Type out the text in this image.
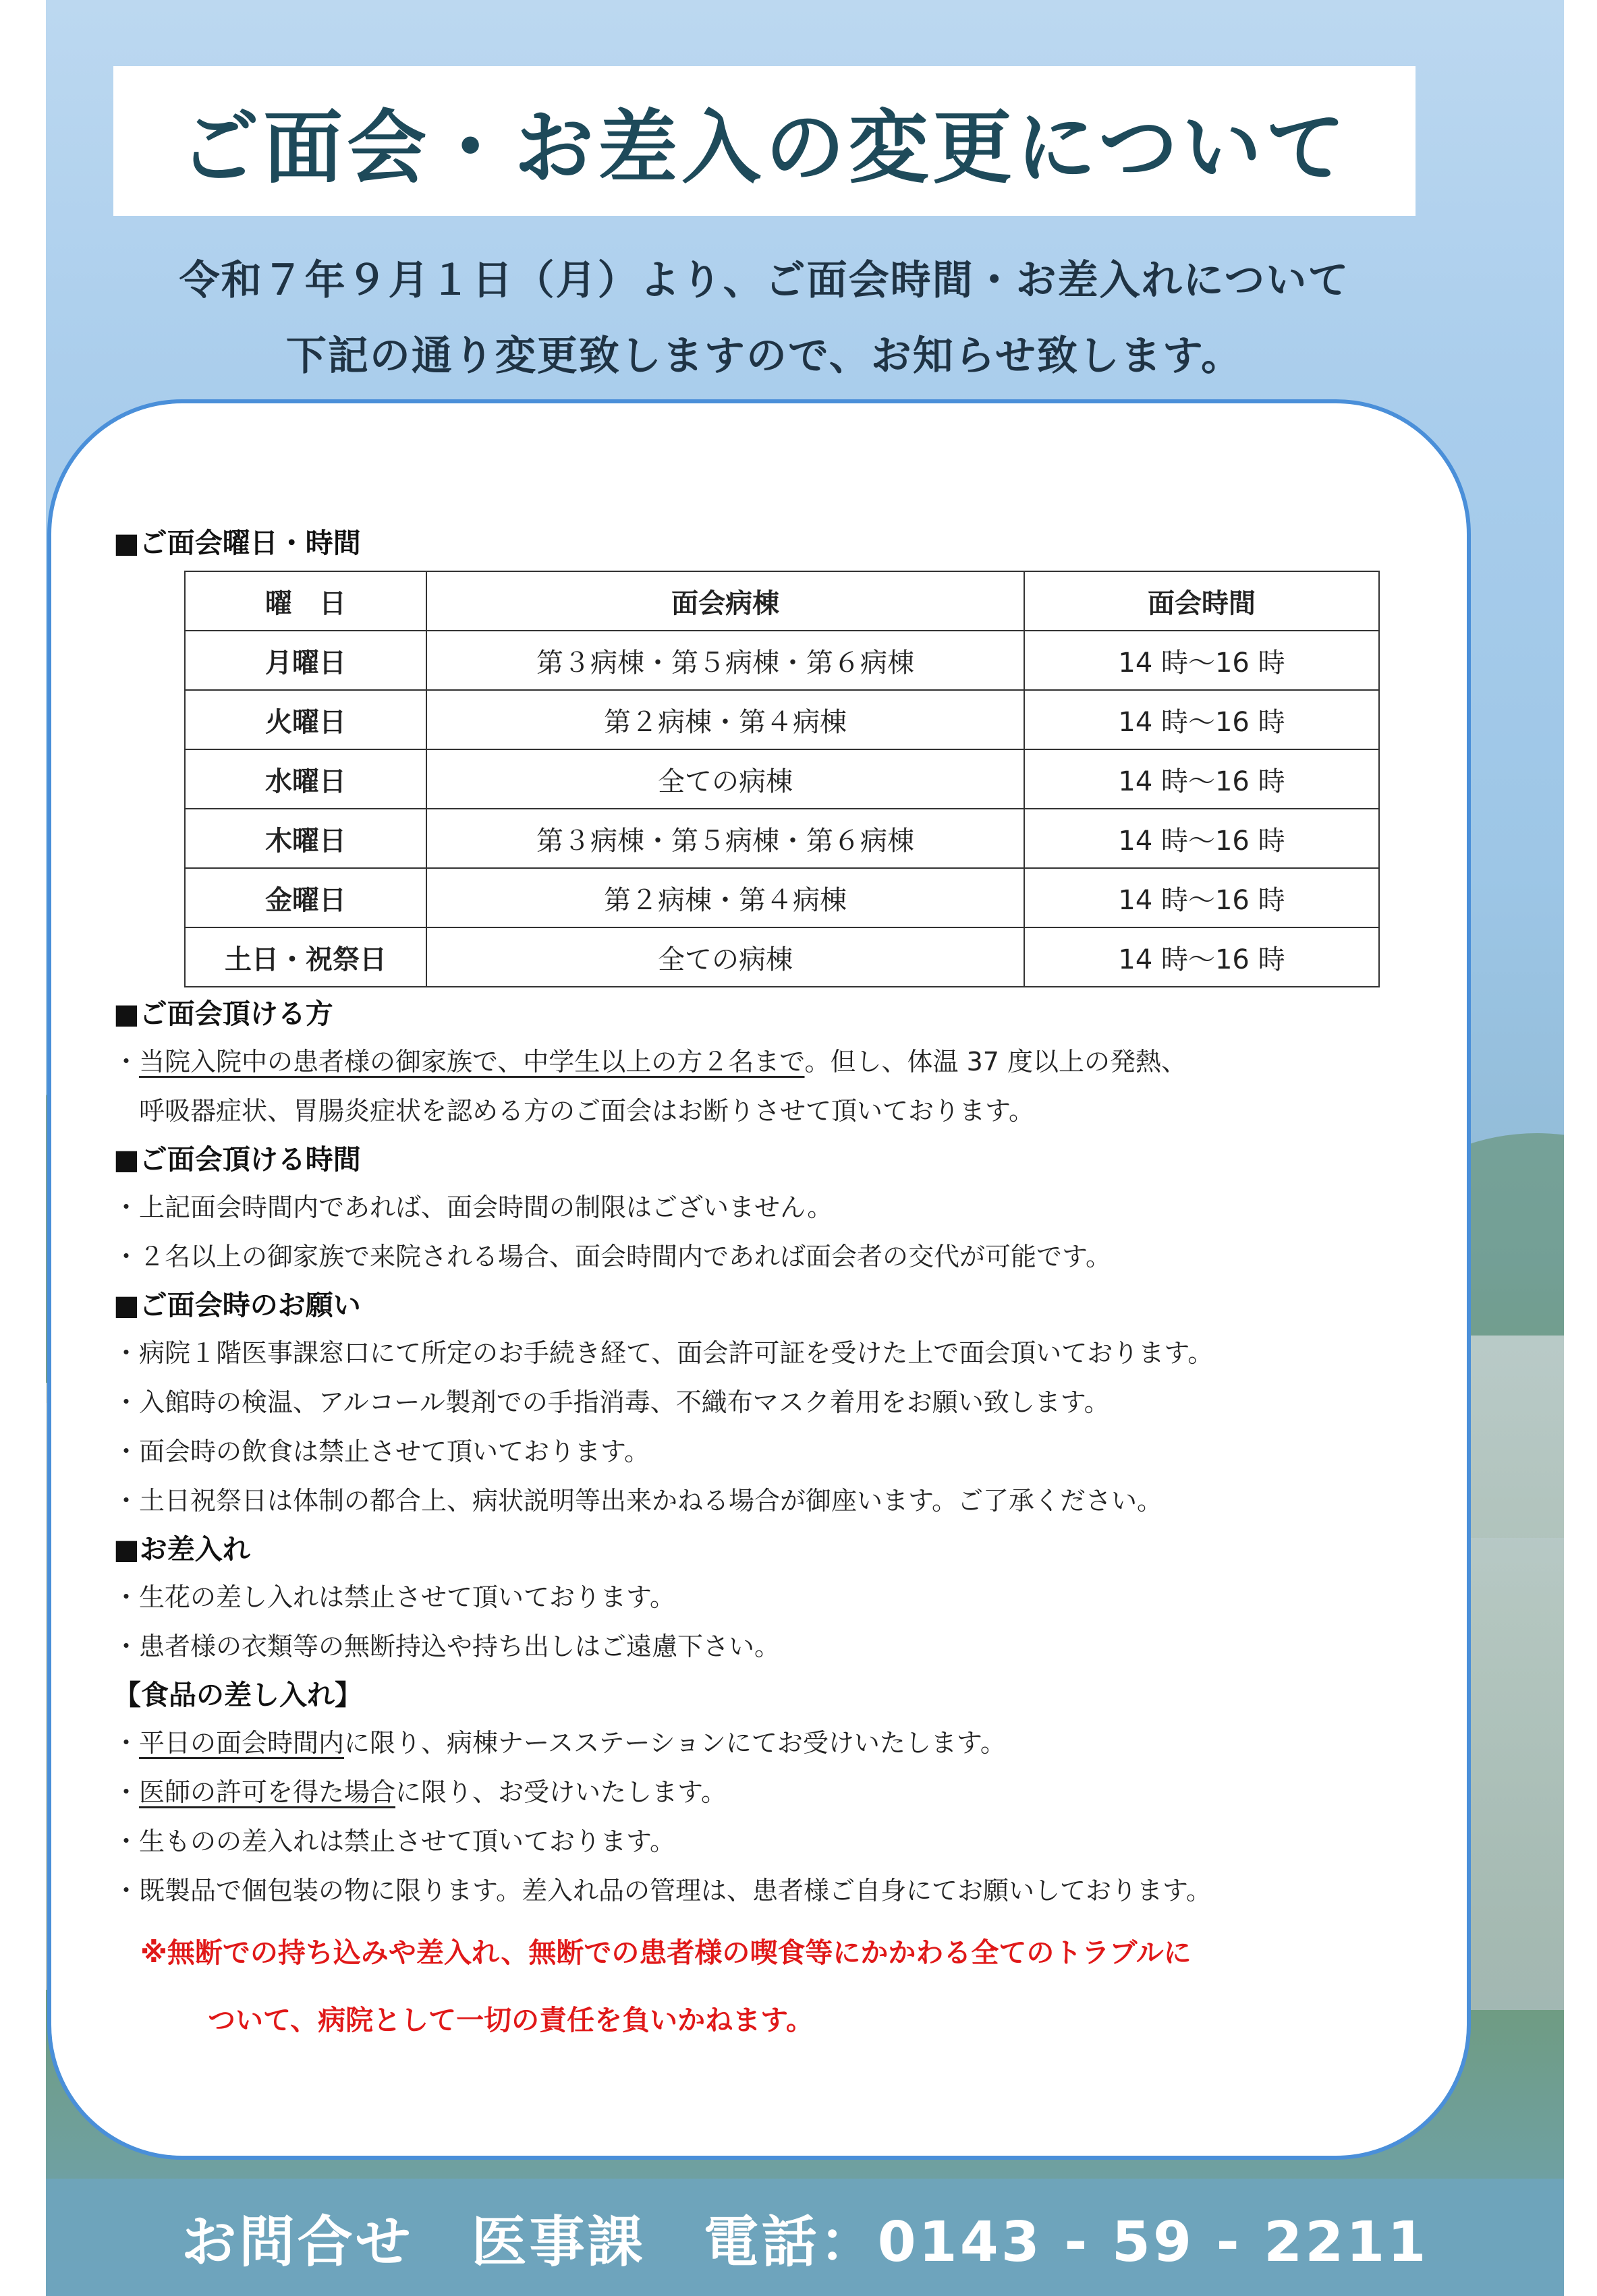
ご面会・お差入の変更について
令和７年９月１日（月）より、ご面会時間・お差入れについて
下記の通り変更致しますので、お知らせ致します。
■ご面会曜日・時間
曜　日	面会病棟	面会時間
月曜日	第３病棟・第５病棟・第６病棟	14 時〜16 時
火曜日	第２病棟・第４病棟	14 時〜16 時
水曜日	全ての病棟	14 時〜16 時
木曜日	第３病棟・第５病棟・第６病棟	14 時〜16 時
金曜日	第２病棟・第４病棟	14 時〜16 時
土日・祝祭日	全ての病棟	14 時〜16 時
■ご面会頂ける方
・当院入院中の患者様の御家族で、中学生以上の方２名まで。但し、体温 37 度以上の発熱、
　呼吸器症状、胃腸炎症状を認める方のご面会はお断りさせて頂いております。
■ご面会頂ける時間
・上記面会時間内であれば、面会時間の制限はございません。
・２名以上の御家族で来院される場合、面会時間内であれば面会者の交代が可能です。
■ご面会時のお願い
・病院１階医事課窓口にて所定のお手続き経て、面会許可証を受けた上で面会頂いております。
・入館時の検温、アルコール製剤での手指消毒、不織布マスク着用をお願い致します。
・面会時の飲食は禁止させて頂いております。
・土日祝祭日は体制の都合上、病状説明等出来かねる場合が御座います。ご了承ください。
■お差入れ
・生花の差し入れは禁止させて頂いております。
・患者様の衣類等の無断持込や持ち出しはご遠慮下さい。
【食品の差し入れ】
・平日の面会時間内に限り、病棟ナースステーションにてお受けいたします。
・医師の許可を得た場合に限り、お受けいたします。
・生ものの差入れは禁止させて頂いております。
・既製品で個包装の物に限ります。差入れ品の管理は、患者様ご自身にてお願いしております。
※無断での持ち込みや差入れ、無断での患者様の喫食等にかかわる全てのトラブルに
ついて、病院として一切の責任を負いかねます。
お問合せ　医事課　電話：0143 - 59 - 2211
